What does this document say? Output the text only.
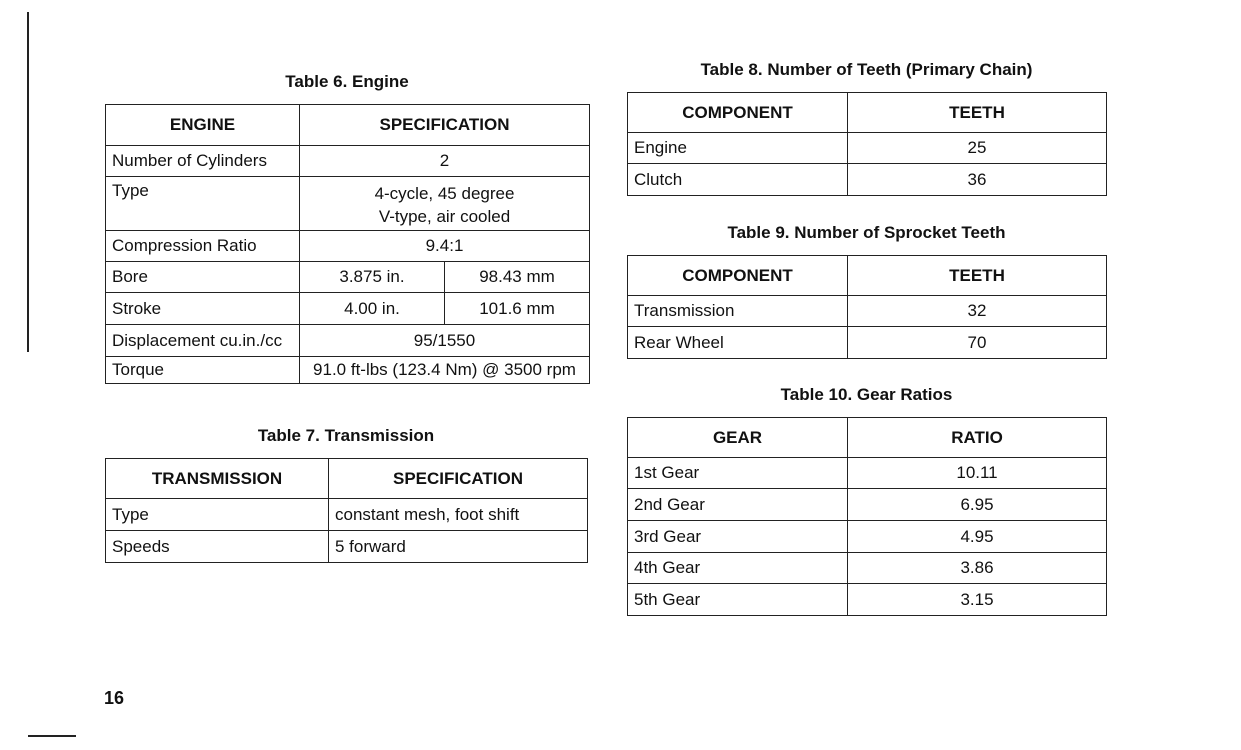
Table 6. Engine
ENGINE	SPECIFICATION	
Number of Cylinders	2	
Type	4-cycle, 45 degree
V-type, air cooled	

Compression Ratio	9.4:1	
Bore	3.875 in.	98.43 mm
Stroke	4.00 in.	101.6 mm
Displacement cu.in./cc	95/1550	
Torque	91.0 ft-lbs (123.4 Nm) @ 3500 rpm	
Table 7. Transmission
TRANSMISSION	SPECIFICATION
Type	constant mesh, foot shift
Speeds	5 forward
Table 8. Number of Teeth (Primary Chain)
COMPONENT	TEETH
Engine	25
Clutch	36
Table 9. Number of Sprocket Teeth
COMPONENT	TEETH
Transmission	32
Rear Wheel	70
Table 10. Gear Ratios
GEAR	RATIO
1st Gear	10.11
2nd Gear	6.95
3rd Gear	4.95
4th Gear	3.86
5th Gear	3.15
16
